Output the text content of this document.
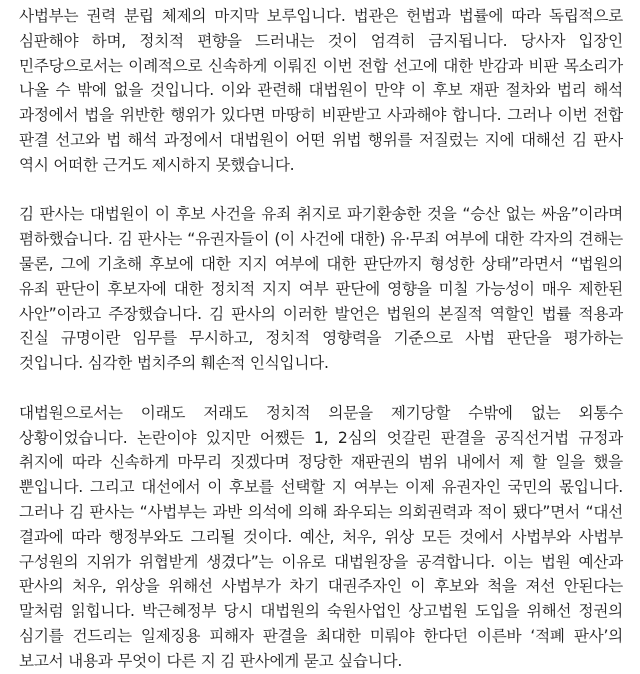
사법부는 권력 분립 체제의 마지막 보루입니다. 법관은 헌법과 법률에 따라 독립적으로 심판해야 하며, 정치적 편향을 드러내는 것이 엄격히 금지됩니다. 당사자 입장인 민주당으로서는 이례적으로 신속하게 이뤄진 이번 전합 선고에 대한 반감과 비판 목소리가 나올 수 밖에 없을 것입니다. 이와 관련해 대법원이 만약 이 후보 재판 절차와 법리 해석 과정에서 법을 위반한 행위가 있다면 마땅히 비판받고 사과해야 합니다. 그러나 이번 전합 판결 선고와 법 해석 과정에서 대법원이 어떤 위법 행위를 저질렀는 지에 대해선 김 판사 역시 어떠한 근거도 제시하지 못했습니다.

김 판사는 대법원이 이 후보 사건을 유죄 취지로 파기환송한 것을 “승산 없는 싸움”이라며 폄하했습니다. 김 판사는 “유권자들이 (이 사건에 대한) 유·무죄 여부에 대한 각자의 견해는 물론, 그에 기초해 후보에 대한 지지 여부에 대한 판단까지 형성한 상태”라면서 “법원의 유죄 판단이 후보자에 대한 정치적 지지 여부 판단에 영향을 미칠 가능성이 매우 제한된 사안”이라고 주장했습니다. 김 판사의 이러한 발언은 법원의 본질적 역할인 법률 적용과 진실 규명이란 임무를 무시하고, 정치적 영향력을 기준으로 사법 판단을 평가하는 것입니다. 심각한 법치주의 훼손적 인식입니다.

대법원으로서는 이래도 저래도 정치적 의문을 제기당할 수밖에 없는 외통수 상황이었습니다. 논란이야 있지만 어쨌든 1, 2심의 엇갈린 판결을 공직선거법 규정과 취지에 따라 신속하게 마무리 짓겠다며 정당한 재판권의 범위 내에서 제 할 일을 했을 뿐입니다. 그리고 대선에서 이 후보를 선택할 지 여부는 이제 유권자인 국민의 몫입니다. 그러나 김 판사는 “사법부는 과반 의석에 의해 좌우되는 의회권력과 적이 됐다”면서 “대선 결과에 따라 행정부와도 그리될 것이다. 예산, 처우, 위상 모든 것에서 사법부와 사법부 구성원의 지위가 위협받게 생겼다”는 이유로 대법원장을 공격합니다. 이는 법원 예산과 판사의 처우, 위상을 위해선 사법부가 차기 대권주자인 이 후보와 척을 져선 안된다는 말처럼 읽힙니다. 박근혜정부 당시 대법원의 숙원사업인 상고법원 도입을 위해선 정권의 심기를 건드리는 일제징용 피해자 판결을 최대한 미뤄야 한다던 이른바 ‘적폐 판사’의 보고서 내용과 무엇이 다른 지 김 판사에게 묻고 싶습니다.
